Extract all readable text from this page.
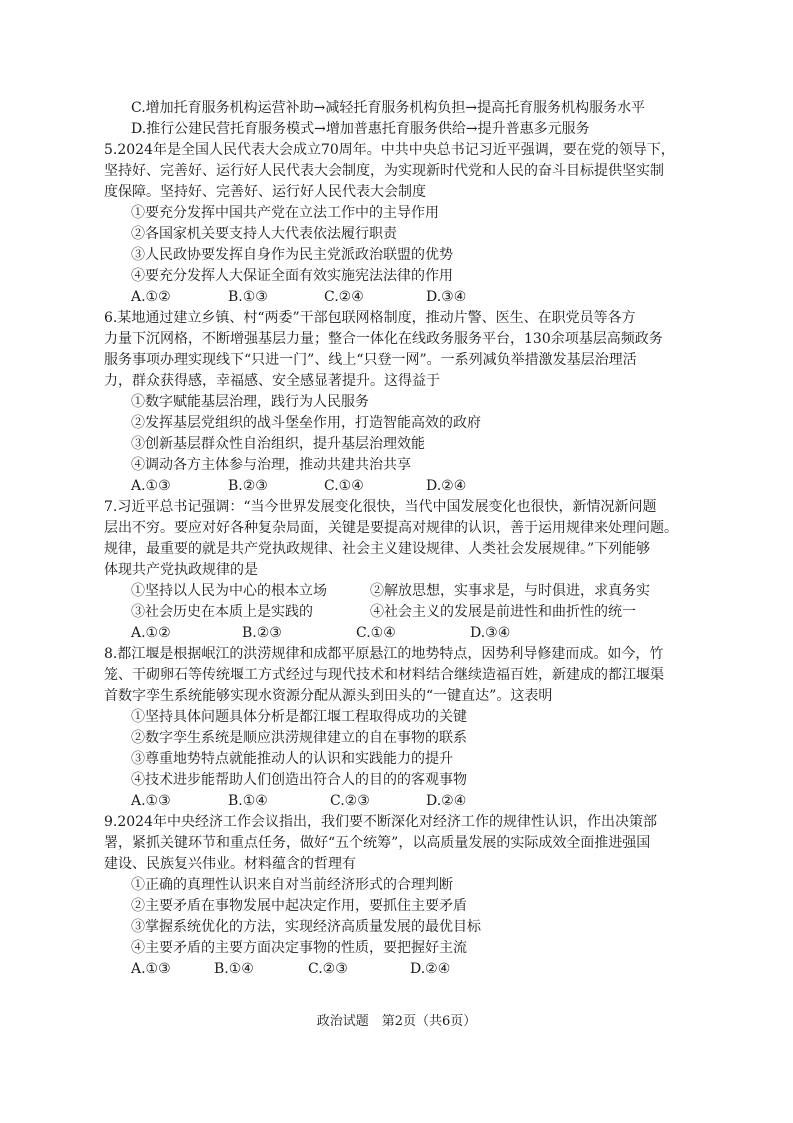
C.增加托育服务机构运营补助→减轻托育服务机构负担→提高托育服务机构服务水平
D.推行公建民营托育服务模式→增加普惠托育服务供给→提升普惠多元服务
5.2024年是全国人民代表大会成立70周年。中共中央总书记习近平强调，要在党的领导下，
坚持好、完善好、运行好人民代表大会制度，为实现新时代党和人民的奋斗目标提供坚实制
度保障。坚持好、完善好、运行好人民代表大会制度
①要充分发挥中国共产党在立法工作中的主导作用
②各国家机关要支持人大代表依法履行职责
③人民政协要发挥自身作为民主党派政治联盟的优势
④要充分发挥人大保证全面有效实施宪法法律的作用
A.①②	B.①③	C.②④	D.③④
6.某地通过建立乡镇、村“两委”干部包联网格制度，推动片警、医生、在职党员等各方
力量下沉网格，不断增强基层力量；整合一体化在线政务服务平台，130余项基层高频政务
服务事项办理实现线下“只进一门”、线上“只登一网”。一系列减负举措激发基层治理活
力，群众获得感，幸福感、安全感显著提升。这得益于
①数字赋能基层治理，践行为人民服务
②发挥基层党组织的战斗堡垒作用，打造智能高效的政府
③创新基层群众性自治组织，提升基层治理效能
④调动各方主体参与治理，推动共建共治共享
A.①③	B.②③	C.①④	D.②④
7.习近平总书记强调：“当今世界发展变化很快，当代中国发展变化也很快，新情况新问题
层出不穷。要应对好各种复杂局面，关键是要提高对规律的认识，善于运用规律来处理问题。
规律，最重要的就是共产党执政规律、社会主义建设规律、人类社会发展规律。”下列能够
体现共产党执政规律的是
①坚持以人民为中心的根本立场	②解放思想，实事求是，与时俱进，求真务实
③社会历史在本质上是实践的	④社会主义的发展是前进性和曲折性的统一
A.①②	B.②③	C.①④	D.③④
8.都江堰是根据岷江的洪涝规律和成都平原悬江的地势特点，因势利导修建而成。如今，竹
笼、干砌卵石等传统堰工方式经过与现代技术和材料结合继续造福百姓，新建成的都江堰渠
首数字孪生系统能够实现水资源分配从源头到田头的“一键直达”。这表明
①坚持具体问题具体分析是都江堰工程取得成功的关键
②数字孪生系统是顺应洪涝规律建立的自在事物的联系
③尊重地势特点就能推动人的认识和实践能力的提升
④技术进步能帮助人们创造出符合人的目的的客观事物
A.①③	B.①④	C.②③	D.②④
9.2024年中央经济工作会议指出，我们要不断深化对经济工作的规律性认识，作出决策部
署，紧抓关键环节和重点任务，做好“五个统筹”，以高质量发展的实际成效全面推进强国
建设、民族复兴伟业。材料蕴含的哲理有
①正确的真理性认识来自对当前经济形式的合理判断
②主要矛盾在事物发展中起决定作用，要抓住主要矛盾
③掌握系统优化的方法，实现经济高质量发展的最优目标
④主要矛盾的主要方面决定事物的性质，要把握好主流
A.①③	B.①④	C.②③	D.②④
政治试题　第2页（共6页）
